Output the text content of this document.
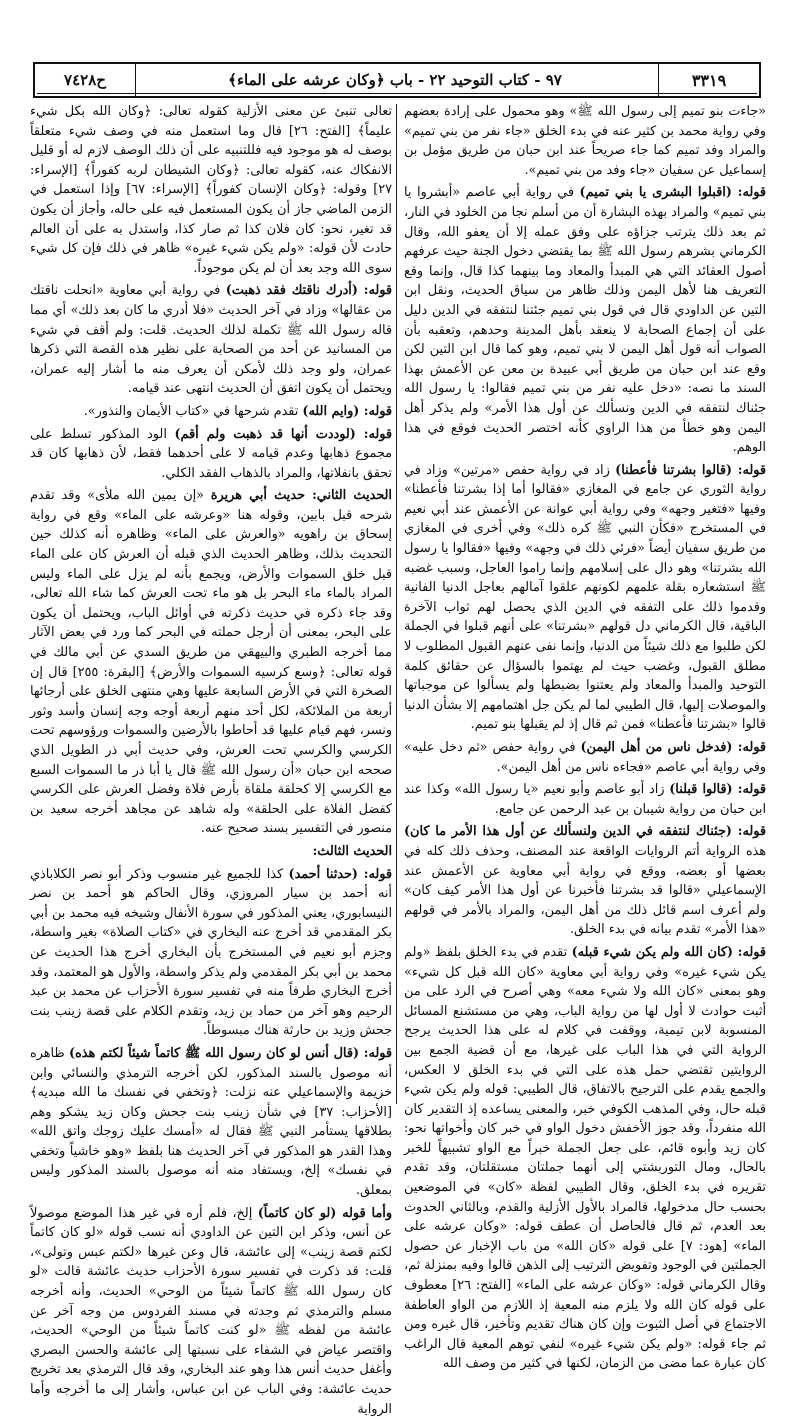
٣٣١٩
٩٧ - كتاب التوحيد ٢٢ - باب ﴿وكان عرشه على الماء﴾
ح٧٤٢٨

«جاءت بنو تميم إلى رسول الله ﷺ» وهو محمول على إرادة بعضهم وفي رواية محمد بن كثير عنه في بدء الخلق «جاء نفر من بني تميم» والمراد وفد تميم كما جاء صريحاً عند ابن حبان من طريق مؤمل بن إسماعيل عن سفيان «جاء وفد من بني تميم».

قوله: (اقبلوا البشرى يا بني تميم) في رواية أبي عاصم «أبشروا يا بني تميم» والمراد بهذه البشارة أن من أسلم نجا من الخلود في النار، ثم بعد ذلك يترتب جزاؤه على وفق عمله إلا أن يعفو الله، وقال الكرماني بشرهم رسول الله ﷺ بما يقتضي دخول الجنة حيث عرفهم أصول العقائد التي هي المبدأ والمعاد وما بينهما كذا قال، وإنما وقع التعريف هنا لأهل اليمن وذلك ظاهر من سياق الحديث، ونقل ابن التين عن الداودي قال في قول بني تميم جئتنا لنتفقه في الدين دليل على أن إجماع الصحابة لا ينعقد بأهل المدينة وحدهم، وتعقبه بأن الصواب أنه قول أهل اليمن لا بني تميم، وهو كما قال ابن التين لكن وقع عند ابن حبان من طريق أبي عبيدة بن معن عن الأعمش بهذا السند ما نصه: «دخل عليه نفر من بني تميم فقالوا: يا رسول الله جئناك لنتفقه في الدين ونسألك عن أول هذا الأمر» ولم يذكر أهل اليمن وهو خطأ من هذا الراوي كأنه اختصر الحديث فوقع في هذا الوهم.

قوله: (قالوا بشرتنا فأعطنا) زاد في رواية حفص «مرتين» وزاد في رواية الثوري عن جامع في المغازي «فقالوا أما إذا بشرتنا فأعطنا» وفيها «فتغير وجهه» وفي رواية أبي عوانة عن الأعمش عند أبي نعيم في المستخرج «فكأن النبي ﷺ كره ذلك» وفي أخرى في المغازي من طريق سفيان أيضاً «فرئي ذلك في وجهه» وفيها «فقالوا يا رسول الله بشرتنا» وهو دال على إسلامهم وإنما راموا العاجل، وسبب غضبه ﷺ استشعاره بقلة علمهم لكونهم علقوا آمالهم بعاجل الدنيا الفانية وقدموا ذلك على التفقه في الدين الذي يحصل لهم ثواب الآخرة الباقية، قال الكرماني دل قولهم «بشرتنا» على أنهم قبلوا في الجملة لكن طلبوا مع ذلك شيئاً من الدنيا، وإنما نفى عنهم القبول المطلوب لا مطلق القبول، وغضب حيث لم يهتموا بالسؤال عن حقائق كلمة التوحيد والمبدأ والمعاد ولم يعتنوا بضبطها ولم يسألوا عن موجباتها والموصلات إليها، قال الطيبي لما لم يكن جل اهتمامهم إلا بشأن الدنيا قالوا «بشرتنا فأعطنا» فمن ثم قال إذ لم يقبلها بنو تميم.

قوله: (فدخل ناس من أهل اليمن) في رواية حفص «ثم دخل عليه» وفي رواية أبي عاصم «فجاءه ناس من أهل اليمن».

قوله: (قالوا قبلنا) زاد أبو عاصم وأبو نعيم «يا رسول الله» وكذا عند ابن حبان من رواية شيبان بن عبد الرحمن عن جامع.

قوله: (جئناك لنتفقه في الدين ولنسألك عن أول هذا الأمر ما كان) هذه الرواية أتم الروايات الواقعة عند المصنف، وحذف ذلك كله في بعضها أو بعضه، ووقع في رواية أبي معاوية عن الأعمش عند الإسماعيلي «قالوا قد بشرتنا فأخبرنا عن أول هذا الأمر كيف كان» ولم أعرف اسم قائل ذلك من أهل اليمن، والمراد بالأمر في قولهم «هذا الأمر» تقدم بيانه في بدء الخلق.

قوله: (كان الله ولم يكن شيء قبله) تقدم في بدء الخلق بلفظ «ولم يكن شيء غيره» وفي رواية أبي معاوية «كان الله قبل كل شيء» وهو بمعنى «كان الله ولا شيء معه» وهي أصرح في الرد على من أثبت حوادث لا أول لها من رواية الباب، وهي من مستشنع المسائل المنسوبة لابن تيمية، ووقفت في كلام له على هذا الحديث يرجح الرواية التي في هذا الباب على غيرها، مع أن قضية الجمع بين الروايتين تقتضي حمل هذه على التي في بدء الخلق لا العكس، والجمع يقدم على الترجيح بالاتفاق، قال الطيبي: قوله ولم يكن شيء قبله حال، وفي المذهب الكوفي خبر، والمعنى يساعده إذ التقدير كان الله منفرداً، وقد جوز الأخفش دخول الواو في خبر كان وأخواتها نحو: كان زيد وأبوه قائم، على جعل الجملة خبراً مع الواو تشبيهاً للخبر بالحال، ومال التوربشتي إلى أنهما جملتان مستقلتان، وقد تقدم تقريره في بدء الخلق، وقال الطيبي لفظة «كان» في الموضعين بحسب حال مدخولها، فالمراد بالأول الأزلية والقدم، وبالثاني الحدوث بعد العدم، ثم قال فالحاصل أن عطف قوله: «وكان عرشه على الماء» [هود: ٧] على قوله «كان الله» من باب الإخبار عن حصول الجملتين في الوجود وتفويض الترتيب إلى الذهن قالوا وفيه بمنزلة ثم، وقال الكرماني قوله: «وكان عرشه على الماء» [الفتح: ٢٦] معطوف على قوله كان الله ولا يلزم منه المعية إذ اللازم من الواو العاطفة الاجتماع في أصل الثبوت وإن كان هناك تقديم وتأخير، قال غيره ومن ثم جاء قوله: «ولم يكن شيء غيره» لنفي توهم المعية قال الراغب كان عبارة عما مضى من الزمان، لكنها في كثير من وصف الله

تعالى تنبئ عن معنى الأزلية كقوله تعالى: ﴿وكان الله بكل شيء عليماً﴾ [الفتح: ٢٦] قال وما استعمل منه في وصف شيء متعلقاً بوصف له هو موجود فيه فللتنبيه على أن ذلك الوصف لازم له أو قليل الانفكاك عنه، كقوله تعالى: ﴿وكان الشيطان لربه كفوراً﴾ [الإسراء: ٢٧] وقوله: ﴿وكان الإنسان كفوراً﴾ [الإسراء: ٦٧] وإذا استعمل في الزمن الماضي جاز أن يكون المستعمل فيه على حاله، وأجاز أن يكون قد تغير، نحو: كان فلان كذا ثم صار كذا، واستدل به على أن العالم حادث لأن قوله: «ولم يكن شيء غيره» ظاهر في ذلك فإن كل شيء سوى الله وجد بعد أن لم يكن موجوداً.

قوله: (أدرك ناقتك فقد ذهبت) في رواية أبي معاوية «انحلت ناقتك من عقالها» وزاد في آخر الحديث «فلا أدري ما كان بعد ذلك» أي مما قاله رسول الله ﷺ تكملة لذلك الحديث. قلت: ولم أقف في شيء من المسانيد عن أحد من الصحابة على نظير هذه القصة التي ذكرها عمران، ولو وجد ذلك لأمكن أن يعرف منه ما أشار إليه عمران، ويحتمل أن يكون اتفق أن الحديث انتهى عند قيامه.

قوله: (وايم الله) تقدم شرحها في «كتاب الأيمان والنذور».

قوله: (لوددت أنها قد ذهبت ولم أقم) الود المذكور تسلط على مجموع ذهابها وعدم قيامه لا على أحدهما فقط، لأن ذهابها كان قد تحقق بانفلاتها، والمراد بالذهاب الفقد الكلي.

الحديث الثاني: حديث أبي هريرة «إن يمين الله ملأى» وقد تقدم شرحه قبل بابين، وقوله هنا «وعرشه على الماء» وقع في رواية إسحاق بن راهويه «والعرش على الماء» وظاهره أنه كذلك حين التحديث بذلك، وظاهر الحديث الذي قبله أن العرش كان على الماء قبل خلق السموات والأرض، ويجمع بأنه لم يزل على الماء وليس المراد بالماء ماء البحر بل هو ماء تحت العرش كما شاء الله تعالى، وقد جاء ذكره في حديث ذكرته في أوائل الباب، ويحتمل أن يكون على البحر، بمعنى أن أرجل حملته في البحر كما ورد في بعض الآثار مما أخرجه الطبري والبيهقي من طريق السدي عن أبي مالك في قوله تعالى: ﴿وسع كرسيه السموات والأرض﴾ [البقرة: ٢٥٥] قال إن الصخرة التي في الأرض السابعة عليها وهي منتهى الخلق على أرجائها أربعة من الملائكة، لكل أحد منهم أربعة أوجه وجه إنسان وأسد وثور ونسر، فهم قيام عليها قد أحاطوا بالأرضين والسموات ورؤوسهم تحت الكرسي والكرسي تحت العرش، وفي حديث أبي ذر الطويل الذي صححه ابن حبان «أن رسول الله ﷺ قال يا أبا ذر ما السموات السبع مع الكرسي إلا كحلقة ملقاة بأرض فلاة وفضل العرش على الكرسي كفضل الفلاة على الحلقة» وله شاهد عن مجاهد أخرجه سعيد بن منصور في التفسير بسند صحيح عنه.

الحديث الثالث:

قوله: (حدثنا أحمد) كذا للجميع غير منسوب وذكر أبو نصر الكلاباذي أنه أحمد بن سيار المروزي، وقال الحاكم هو أحمد بن نصر النيسابوري، يعني المذكور في سورة الأنفال وشيخه فيه محمد بن أبي بكر المقدمي قد أخرج عنه البخاري في «كتاب الصلاة» بغير واسطة، وجزم أبو نعيم في المستخرج بأن البخاري أخرج هذا الحديث عن محمد بن أبي بكر المقدمي ولم يذكر واسطة، والأول هو المعتمد، وقد أخرج البخاري طرفاً منه في تفسير سورة الأحزاب عن محمد بن عبد الرحيم وهو آخر من حماد بن زيد، وتقدم الكلام على قصة زينب بنت جحش وزيد بن حارثة هناك مبسوطاً.

قوله: (قال أنس لو كان رسول الله ﷺ كاتماً شيئاً لكتم هذه) ظاهره أنه موصول بالسند المذكور، لكن أخرجه الترمذي والنسائي وابن خزيمة والإسماعيلي عنه نزلت: ﴿وتخفي في نفسك ما الله مبديه﴾ [الأحزاب: ٣٧] في شأن زينب بنت جحش وكان زيد يشكو وهم بطلاقها يستأمر النبي ﷺ فقال له «أمسك عليك زوجك واتق الله» وهذا القدر هو المذكور في آخر الحديث هنا بلفظ «وهو خاشياً وتخفي في نفسك» إلخ، ويستفاد منه أنه موصول بالسند المذكور وليس بمعلق.

وأما قوله (لو كان كاتماً) إلخ، فلم أره في غير هذا الموضع موصولاً عن أنس، وذكر ابن التين عن الداودي أنه نسب قوله «لو كان كاتماً لكتم قصة زينب» إلى عائشة، قال وعن غيرها «لكتم عبس وتولى»، قلت: قد ذكرت في تفسير سورة الأحزاب حديث عائشة قالت «لو كان رسول الله ﷺ كاتماً شيئاً من الوحي» الحديث، وأنه أخرجه مسلم والترمذي ثم وجدته في مسند الفردوس من وجه آخر عن عائشة من لفظه ﷺ «لو كنت كاتماً شيئاً من الوحي» الحديث، واقتصر عياض في الشفاء على نسبتها إلى عائشة والحسن البصري وأغفل حديث أنس هذا وهو عند البخاري، وقد قال الترمذي بعد تخريج حديث عائشة: وفي الباب عن ابن عباس، وأشار إلى ما أخرجه وأما الرواية
